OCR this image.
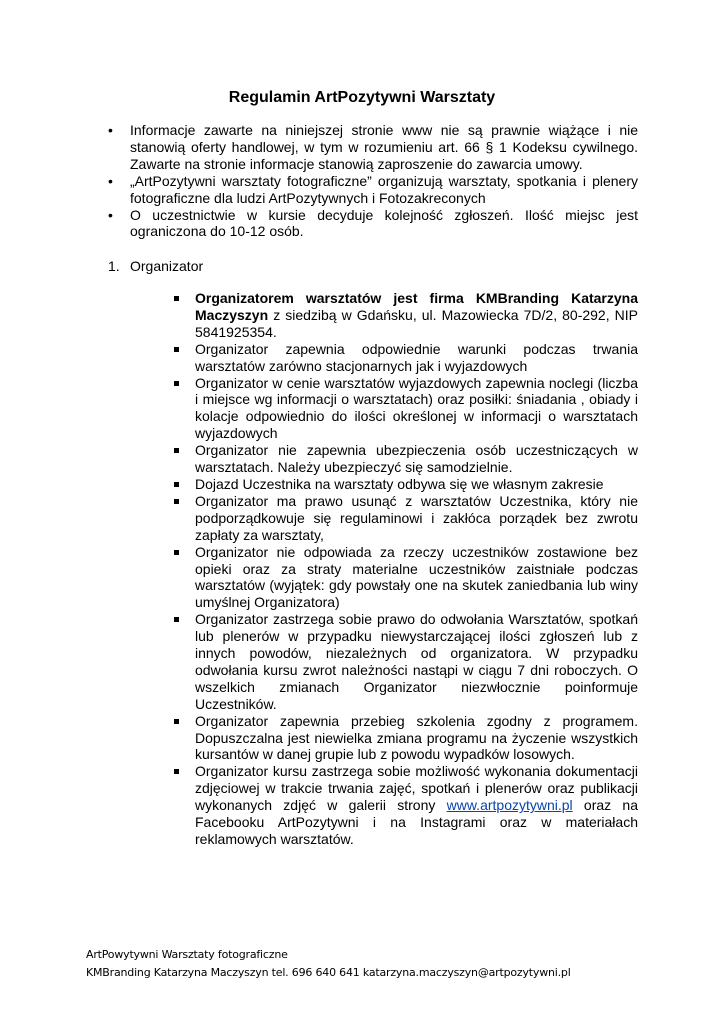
Regulamin ArtPozytywni Warsztaty
• Informacje zawarte na niniejszej stronie www nie są prawnie wiążące i nie stanowią oferty handlowej, w tym w rozumieniu art. 66 § 1 Kodeksu cywilnego. Zawarte na stronie informacje stanowią zaproszenie do zawarcia umowy.
• „ArtPozytywni warsztaty fotograficzne” organizują warsztaty, spotkania i plenery fotograficzne dla ludzi ArtPozytywnych i Fotozakreconych
• O uczestnictwie w kursie decyduje kolejność zgłoszeń. Ilość miejsc jest ograniczona do 10-12 osób.
1. Organizator
Organizatorem warsztatów jest firma KMBranding Katarzyna Maczyszyn z siedzibą w Gdańsku, ul. Mazowiecka 7D/2, 80-292, NIP 5841925354.
Organizator zapewnia odpowiednie warunki podczas trwania warsztatów zarówno stacjonarnych jak i wyjazdowych
Organizator w cenie warsztatów wyjazdowych zapewnia noclegi (liczba i miejsce wg informacji o warsztatach) oraz posiłki: śniadania , obiady i kolacje odpowiednio do ilości określonej w informacji o warsztatach wyjazdowych
Organizator nie zapewnia ubezpieczenia osób uczestniczących w warsztatach. Należy ubezpieczyć się samodzielnie.
Dojazd Uczestnika na warsztaty odbywa się we własnym zakresie
Organizator ma prawo usunąć z warsztatów Uczestnika, który nie podporządkowuje się regulaminowi i zakłóca porządek bez zwrotu zapłaty za warsztaty,
Organizator nie odpowiada za rzeczy uczestników zostawione bez opieki oraz za straty materialne uczestników zaistniałe podczas warsztatów (wyjątek: gdy powstały one na skutek zaniedbania lub winy umyślnej Organizatora)
Organizator zastrzega sobie prawo do odwołania Warsztatów, spotkań lub plenerów w przypadku niewystarczającej ilości zgłoszeń lub z innych powodów, niezależnych od organizatora. W przypadku odwołania kursu zwrot należności nastąpi w ciągu 7 dni roboczych. O wszelkich zmianach Organizator niezwłocznie poinformuje Uczestników.
Organizator zapewnia przebieg szkolenia zgodny z programem. Dopuszczalna jest niewielka zmiana programu na życzenie wszystkich kursantów w danej grupie lub z powodu wypadków losowych.
Organizator kursu zastrzega sobie możliwość wykonania dokumentacji zdjęciowej w trakcie trwania zajęć, spotkań i plenerów oraz publikacji wykonanych zdjęć w galerii strony www.artpozytywni.pl oraz na Facebooku ArtPozytywni i na Instagrami oraz w materiałach reklamowych warsztatów.
ArtPowytywni Warsztaty fotograficzne
KMBranding Katarzyna Maczyszyn tel. 696 640 641 katarzyna.maczyszyn@artpozytywni.pl
